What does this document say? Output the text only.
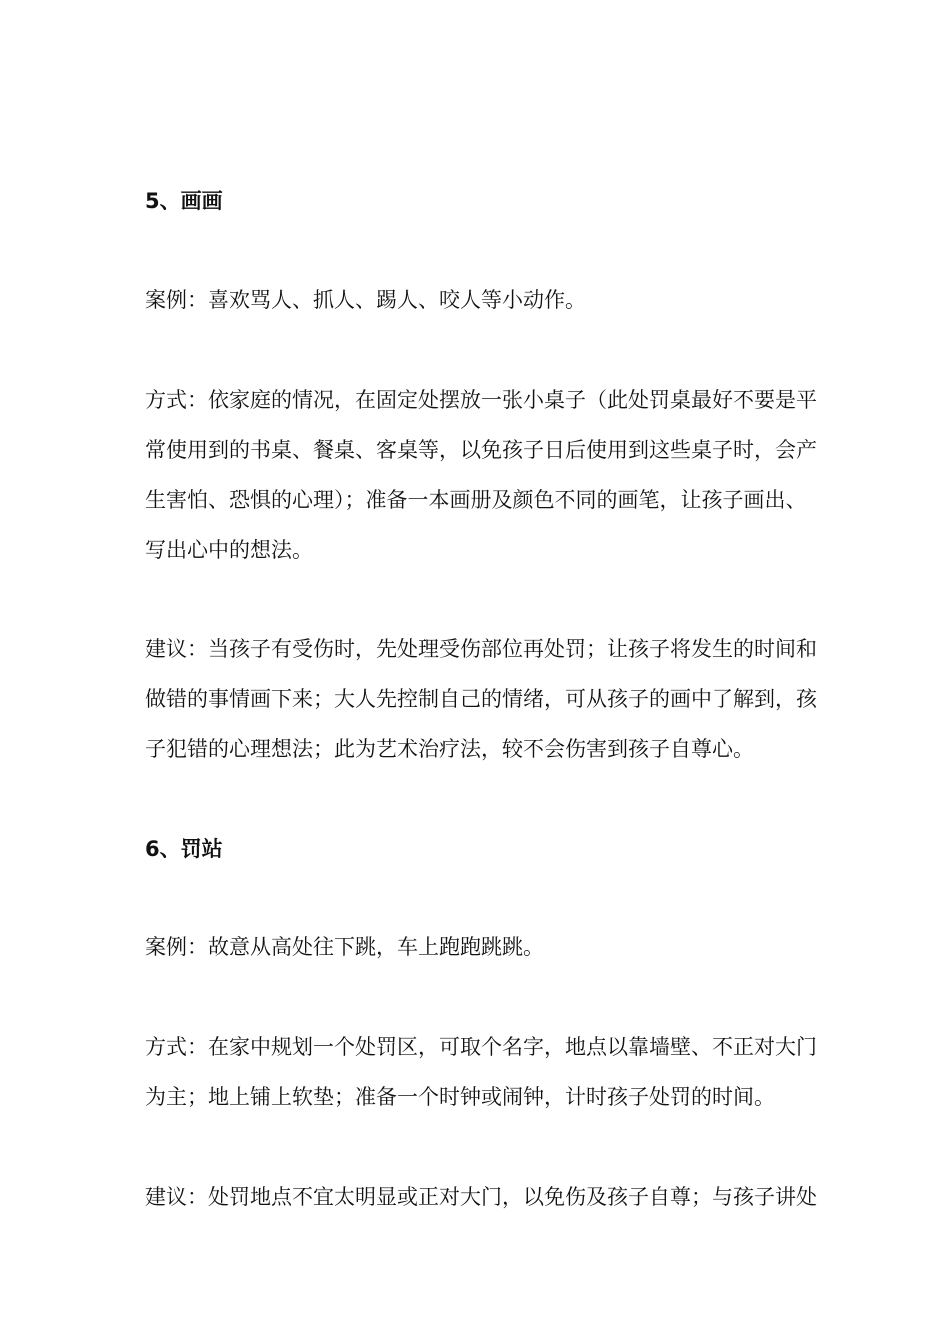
5、画画
案例：喜欢骂人、抓人、踢人、咬人等小动作。
方式：依家庭的情况，在固定处摆放一张小桌子（此处罚桌最好不要是平
常使用到的书桌、餐桌、客桌等，以免孩子日后使用到这些桌子时，会产
生害怕、恐惧的心理）；准备一本画册及颜色不同的画笔，让孩子画出、
写出心中的想法。
建议：当孩子有受伤时，先处理受伤部位再处罚；让孩子将发生的时间和
做错的事情画下来；大人先控制自己的情绪，可从孩子的画中了解到，孩
子犯错的心理想法；此为艺术治疗法，较不会伤害到孩子自尊心。
6、罚站
案例：故意从高处往下跳，车上跑跑跳跳。
方式：在家中规划一个处罚区，可取个名字，地点以靠墙壁、不正对大门
为主；地上铺上软垫；准备一个时钟或闹钟，计时孩子处罚的时间。
建议：处罚地点不宜太明显或正对大门，以免伤及孩子自尊；与孩子讲处
